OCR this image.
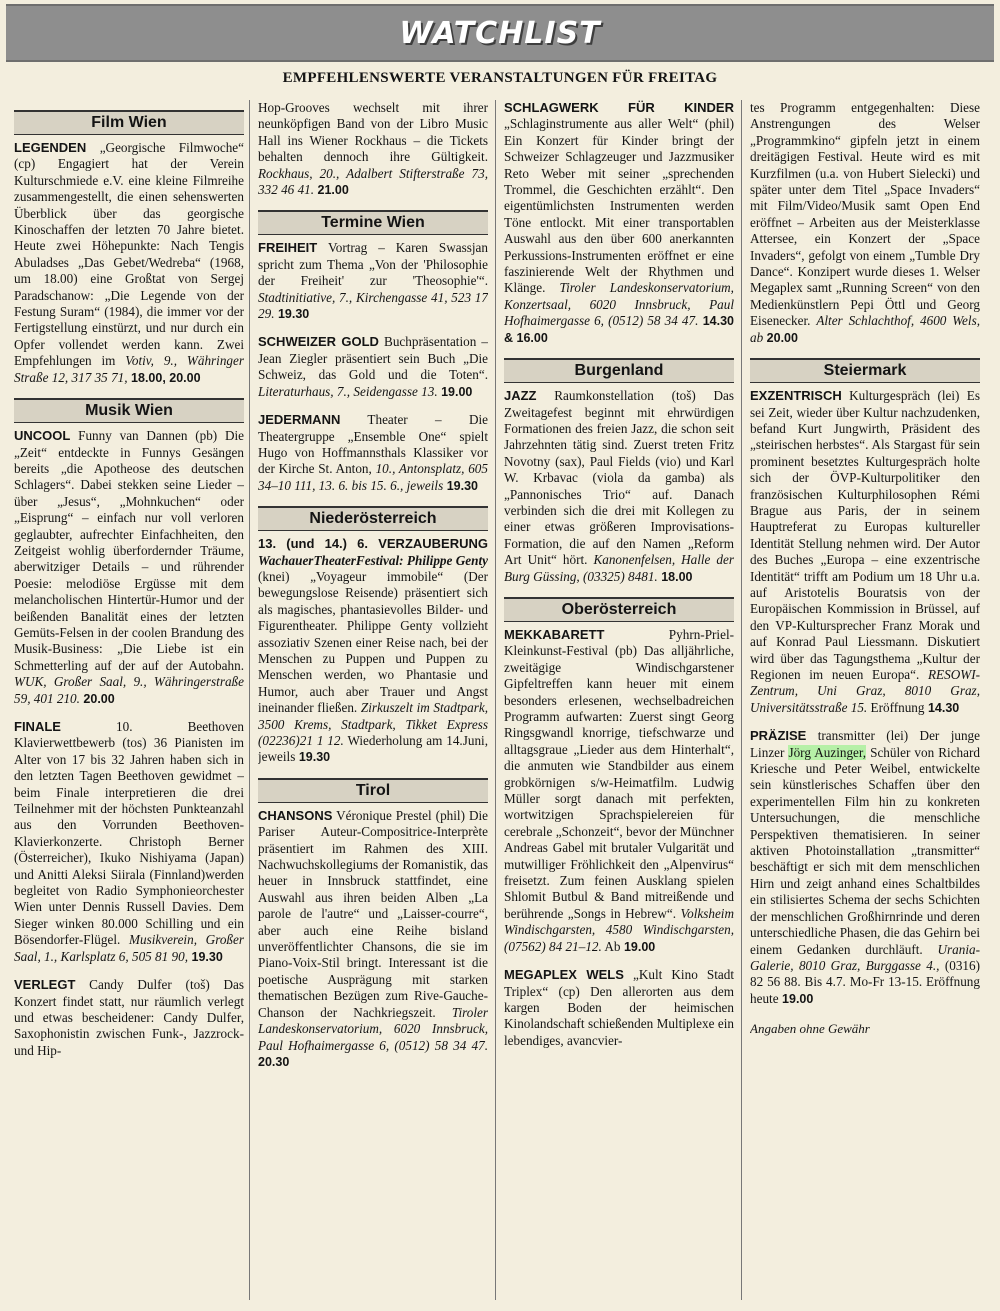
WATCHLIST
EMPFEHLENSWERTE VERANSTALTUNGEN FÜR FREITAG
Film Wien

LEGENDEN „Georgische Filmwoche“ (cp) Engagiert hat der Verein Kulturschmiede e.V. eine kleine Filmreihe zusammengestellt, die einen sehenswerten Überblick über das georgische Kinoschaffen der letzten 70 Jahre bietet. Heute zwei Höhepunkte: Nach Tengis Abuladses „Das Gebet/Wedreba“ (1968, um 18.00) eine Großtat von Sergej Paradschanow: „Die Legende von der Festung Suram“ (1984), die immer vor der Fertigstellung einstürzt, und nur durch ein Opfer vollendet werden kann. Zwei Empfehlungen im Votiv, 9., Währinger Straße 12, 317 35 71, 18.00, 20.00

Musik Wien

UNCOOL Funny van Dannen (pb) Die „Zeit“ entdeckte in Funnys Gesängen bereits „die Apotheose des deutschen Schlagers“. Dabei stekken seine Lieder – über „Jesus“, „Mohnkuchen“ oder „Eisprung“ – einfach nur voll verloren geglaubter, aufrechter Einfachheiten, den Zeitgeist wohlig überfordernder Träume, aberwitziger Details – und rührender Poesie: melodiöse Ergüsse mit dem melancholischen Hintertür-Humor und der beißenden Banalität eines der letzten Gemüts-Felsen in der coolen Brandung des Musik-Business: „Die Liebe ist ein Schmetterling auf der auf der Autobahn. WUK, Großer Saal, 9., Währingerstraße 59, 401 210. 20.00

FINALE 10. Beethoven Klavierwettbewerb (tos) 36 Pianisten im Alter von 17 bis 32 Jahren haben sich in den letzten Tagen Beethoven gewidmet – beim Finale interpretieren die drei Teilnehmer mit der höchsten Punkteanzahl aus den Vorrunden Beethoven-Klavierkonzerte. Christoph Berner (Österreicher), Ikuko Nishiyama (Japan) und Anitti Aleksi Siirala (Finnland)werden begleitet von Radio Symphonieorchester Wien unter Dennis Russell Davies. Dem Sieger winken 80.000 Schilling und ein Bösendorfer-Flügel. Musikverein, Großer Saal, 1., Karlsplatz 6, 505 81 90, 19.30

VERLEGT Candy Dulfer (toš) Das Konzert findet statt, nur räumlich verlegt und etwas bescheidener: Candy Dulfer, Saxophonistin zwischen Funk-, Jazzrock- und Hip-

Hop-Grooves wechselt mit ihrer neunköpfigen Band von der Libro Music Hall ins Wiener Rockhaus – die Tickets behalten dennoch ihre Gültigkeit. Rockhaus, 20., Adalbert Stifterstraße 73, 332 46 41. 21.00

Termine Wien

FREIHEIT Vortrag – Karen Swassjan spricht zum Thema „Von der 'Philosophie der Freiheit' zur 'Theosophie'“. Stadtinitiative, 7., Kirchengasse 41, 523 17 29. 19.30

SCHWEIZER GOLD Buchpräsentation – Jean Ziegler präsentiert sein Buch „Die Schweiz, das Gold und die Toten“. Literaturhaus, 7., Seidengasse 13. 19.00

JEDERMANN Theater – Die Theatergruppe „Ensemble One“ spielt Hugo von Hoffmannsthals Klassiker vor der Kirche St. Anton, 10., Antonsplatz, 605 34–10 111, 13. 6. bis 15. 6., jeweils 19.30

Niederösterreich

13. (und 14.) 6. VERZAUBERUNG WachauerTheaterFestival: Philippe Genty (knei) „Voyageur immobile“ (Der bewegungslose Reisende) präsentiert sich als magisches, phantasievolles Bilder- und Figurentheater. Philippe Genty vollzieht assoziativ Szenen einer Reise nach, bei der Menschen zu Puppen und Puppen zu Menschen werden, wo Phantasie und Humor, auch aber Trauer und Angst ineinander fließen. Zirkuszelt im Stadtpark, 3500 Krems, Stadtpark, Tikket Express (02236)21 1 12. Wiederholung am 14.Juni, jeweils 19.30

Tirol

CHANSONS Véronique Prestel (phil) Die Pariser Auteur-Compositrice-Interprète präsentiert im Rahmen des XIII. Nachwuchskollegiums der Romanistik, das heuer in Innsbruck stattfindet, eine Auswahl aus ihren beiden Alben „La parole de l'autre“ und „Laisser-courre“, aber auch eine Reihe bisland unveröffentlichter Chansons, die sie im Piano-Voix-Stil bringt. Interessant ist die poetische Ausprägung mit starken thematischen Bezügen zum Rive-Gauche-Chanson der Nachkriegszeit. Tiroler Landeskonservatorium, 6020 Innsbruck, Paul Hofhaimergasse 6, (0512) 58 34 47. 20.30

SCHLAGWERK FÜR KINDER „Schlaginstrumente aus aller Welt“ (phil) Ein Konzert für Kinder bringt der Schweizer Schlagzeuger und Jazzmusiker Reto Weber mit seiner „sprechenden Trommel, die Geschichten erzählt“. Den eigentümlichsten Instrumenten werden Töne entlockt. Mit einer transportablen Auswahl aus den über 600 anerkannten Perkussions-Instrumenten eröffnet er eine faszinierende Welt der Rhythmen und Klänge. Tiroler Landeskonservatorium, Konzertsaal, 6020 Innsbruck, Paul Hofhaimergasse 6, (0512) 58 34 47. 14.30 & 16.00

Burgenland

JAZZ Raumkonstellation (toš) Das Zweitagefest beginnt mit ehrwürdigen Formationen des freien Jazz, die schon seit Jahrzehnten tätig sind. Zuerst treten Fritz Novotny (sax), Paul Fields (vio) und Karl W. Krbavac (viola da gamba) als „Pannonisches Trio“ auf. Danach verbinden sich die drei mit Kollegen zu einer etwas größeren Improvisations-Formation, die auf den Namen „Reform Art Unit“ hört. Kanonenfelsen, Halle der Burg Güssing, (03325) 8481. 18.00

Oberösterreich

MEKKABARETT Pyhrn-Priel-Kleinkunst-Festival (pb) Das alljährliche, zweitägige Windischgarstener Gipfeltreffen kann heuer mit einem besonders erlesenen, wechselbadreichen Programm aufwarten: Zuerst singt Georg Ringsgwandl knorrige, tiefschwarze und alltagsgraue „Lieder aus dem Hinterhalt“, die anmuten wie Standbilder aus einem grobkörnigen s/w-Heimatfilm. Ludwig Müller sorgt danach mit perfekten, wortwitzigen Sprachspielereien für cerebrale „Schonzeit“, bevor der Münchner Andreas Gabel mit brutaler Vulgarität und mutwilliger Fröhlichkeit den „Alpenvirus“ freisetzt. Zum feinen Ausklang spielen Shlomit Butbul & Band mitreißende und berührende „Songs in Hebrew“. Volksheim Windischgarsten, 4580 Windischgarsten, (07562) 84 21–12. Ab 19.00

MEGAPLEX WELS „Kult Kino Stadt Triplex“ (cp) Den allerorten aus dem kargen Boden der heimischen Kinolandschaft schießenden Multiplexe ein lebendiges, avancvier-

tes Programm entgegenhalten: Diese Anstrengungen des Welser „Programmkino“ gipfeln jetzt in einem dreitägigen Festival. Heute wird es mit Kurzfilmen (u.a. von Hubert Sielecki) und später unter dem Titel „Space Invaders“ mit Film/Video/Musik samt Open End eröffnet – Arbeiten aus der Meisterklasse Attersee, ein Konzert der „Space Invaders“, gefolgt von einem „Tumble Dry Dance“. Konzipert wurde dieses 1. Welser Megaplex samt „Running Screen“ von den Medienkünstlern Pepi Öttl und Georg Eisenecker. Alter Schlachthof, 4600 Wels, ab 20.00

Steiermark

EXZENTRISCH Kulturgespräch (lei) Es sei Zeit, wieder über Kultur nachzudenken, befand Kurt Jungwirth, Präsident des „steirischen herbstes“. Als Stargast für sein prominent besetztes Kulturgespräch holte sich der ÖVP-Kulturpolitiker den französischen Kulturphilosophen Rémi Brague aus Paris, der in seinem Hauptreferat zu Europas kultureller Identität Stellung nehmen wird. Der Autor des Buches „Europa – eine exzentrische Identität“ trifft am Podium um 18 Uhr u.a. auf Aristotelis Bouratsis von der Europäischen Kommission in Brüssel, auf den VP-Kultursprecher Franz Morak und auf Konrad Paul Liessmann. Diskutiert wird über das Tagungsthema „Kultur der Regionen im neuen Europa“. RESOWI-Zentrum, Uni Graz, 8010 Graz, Universitätsstraße 15. Eröffnung 14.30

PRÄZISE transmitter (lei) Der junge Linzer Jörg Auzinger, Schüler von Richard Kriesche und Peter Weibel, entwickelte sein künstlerisches Schaffen über den experimentellen Film hin zu konkreten Untersuchungen, die menschliche Perspektiven thematisieren. In seiner aktiven Photoinstallation „transmitter“ beschäftigt er sich mit dem menschlichen Hirn und zeigt anhand eines Schaltbildes ein stilisiertes Schema der sechs Schichten der menschlichen Großhirnrinde und deren unterschiedliche Phasen, die das Gehirn bei einem Gedanken durchläuft. Urania-Galerie, 8010 Graz, Burggasse 4., (0316) 82 56 88. Bis 4.7. Mo-Fr 13-15. Eröffnung heute 19.00

Angaben ohne Gewähr
